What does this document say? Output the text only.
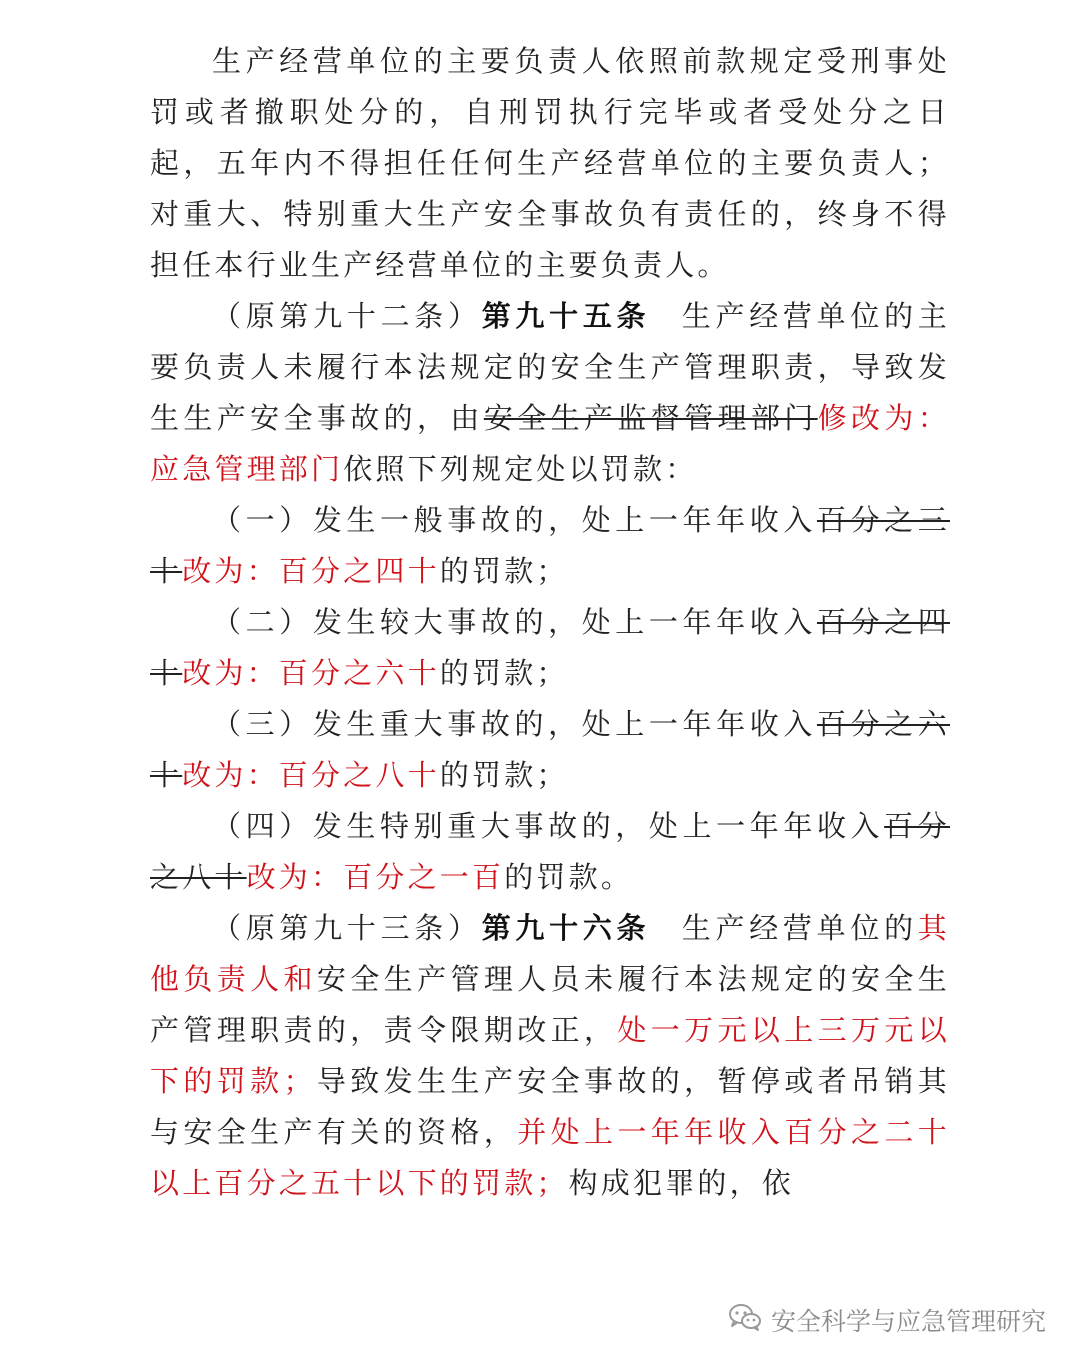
生产经营单位的主要负责人依照前款规定受刑事处罚或者撤职处分的，自刑罚执行完毕或者受处分之日起，五年内不得担任任何生产经营单位的主要负责人；对重大、特别重大生产安全事故负有责任的，终身不得担任本行业生产经营单位的主要负责人。

（原第九十二条）第九十五条 生产经营单位的主要负责人未履行本法规定的安全生产管理职责，导致发生生产安全事故的，由安全生产监督管理部门修改为：应急管理部门依照下列规定处以罚款：

（一）发生一般事故的，处上一年年收入百分之三十改为：百分之四十的罚款；

（二）发生较大事故的，处上一年年收入百分之四十改为：百分之六十的罚款；

（三）发生重大事故的，处上一年年收入百分之六十改为：百分之八十的罚款；

（四）发生特别重大事故的，处上一年年收入百分之八十改为：百分之一百的罚款。

（原第九十三条）第九十六条 生产经营单位的其他负责人和安全生产管理人员未履行本法规定的安全生产管理职责的，责令限期改正，处一万元以上三万元以下的罚款；导致发生生产安全事故的，暂停或者吊销其与安全生产有关的资格，并处上一年年收入百分之二十以上百分之五十以下的罚款；构成犯罪的，依

安全科学与应急管理研究
